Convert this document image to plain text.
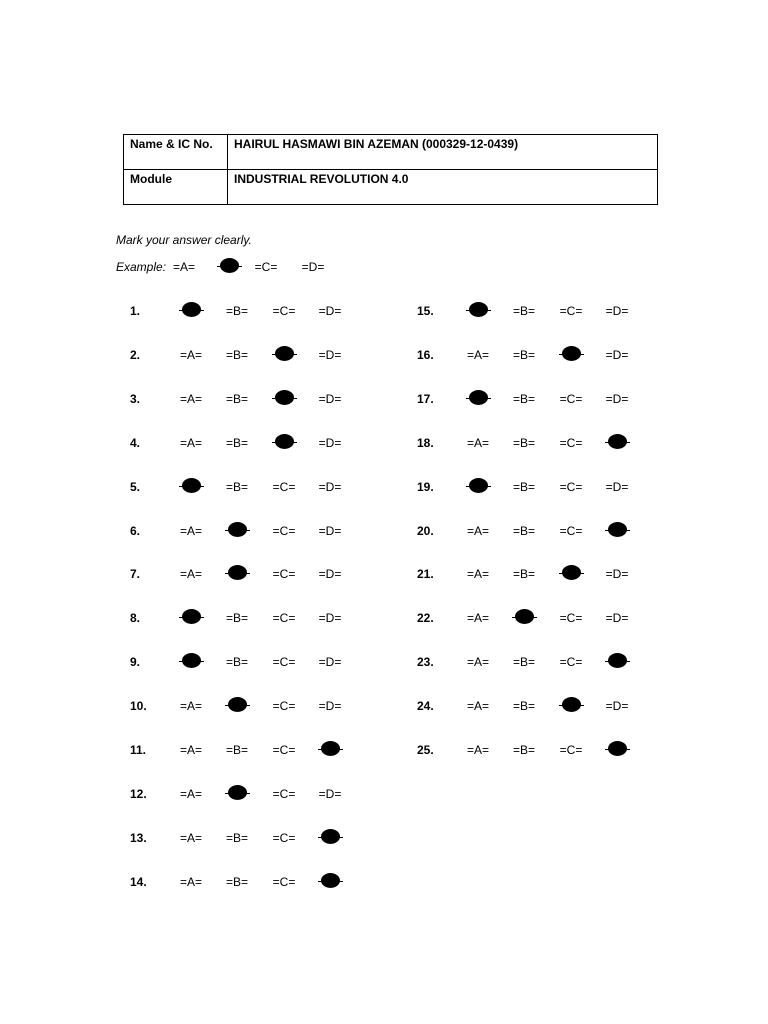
Name & IC No.	HAIRUL HASMAWI BIN AZEMAN (000329-12-0439)
Module	INDUSTRIAL REVOLUTION 4.0
Mark your answer clearly.
Example: =A=	=C=	=D=
1.	=B=	=C=	=D=
2.	=A=	=B=	=D=
3.	=A=	=B=	=D=
4.	=A=	=B=	=D=
5.	=B=	=C=	=D=
6.	=A=	=C=	=D=
7.	=A=	=C=	=D=
8.	=B=	=C=	=D=
9.	=B=	=C=	=D=
10.	=A=	=C=	=D=
11.	=A=	=B=	=C=
12.	=A=	=C=	=D=
13.	=A=	=B=	=C=
14.	=A=	=B=	=C=
15.	=B=	=C=	=D=
16.	=A=	=B=	=D=
17.	=B=	=C=	=D=
18.	=A=	=B=	=C=
19.	=B=	=C=	=D=
20.	=A=	=B=	=C=
21.	=A=	=B=	=D=
22.	=A=	=C=	=D=
23.	=A=	=B=	=C=
24.	=A=	=B=	=D=
25.	=A=	=B=	=C=
